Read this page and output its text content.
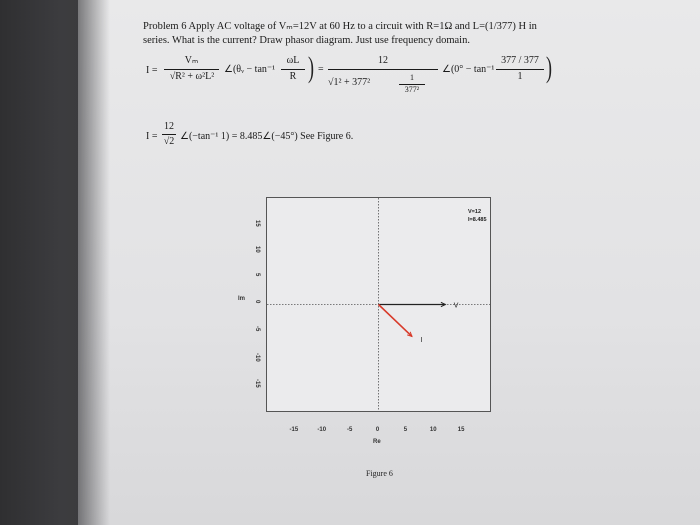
Problem 6 Apply AC voltage of Vₘ=12V at 60 Hz to a circuit with R=1Ω and L=(1/377) H in
series. What is the current? Draw phasor diagram. Just use frequency domain.
I =
Vₘ
√R² + ω²L²
∠(θᵥ − tan⁻¹
ωL
R ) =
12
√1² + 377²	1
377²
∠(0° − tan⁻¹
377 / 377
1 )
I =
12
√2 ∠(−tan⁻¹ 1) = 8.485∠(−45°) See Figure 6.
V
I
V=12
I=8.485
15
10
5
0
-5
-10
-15
-15	-10	-5	0	5	10	15
Im
Re
Figure 6
